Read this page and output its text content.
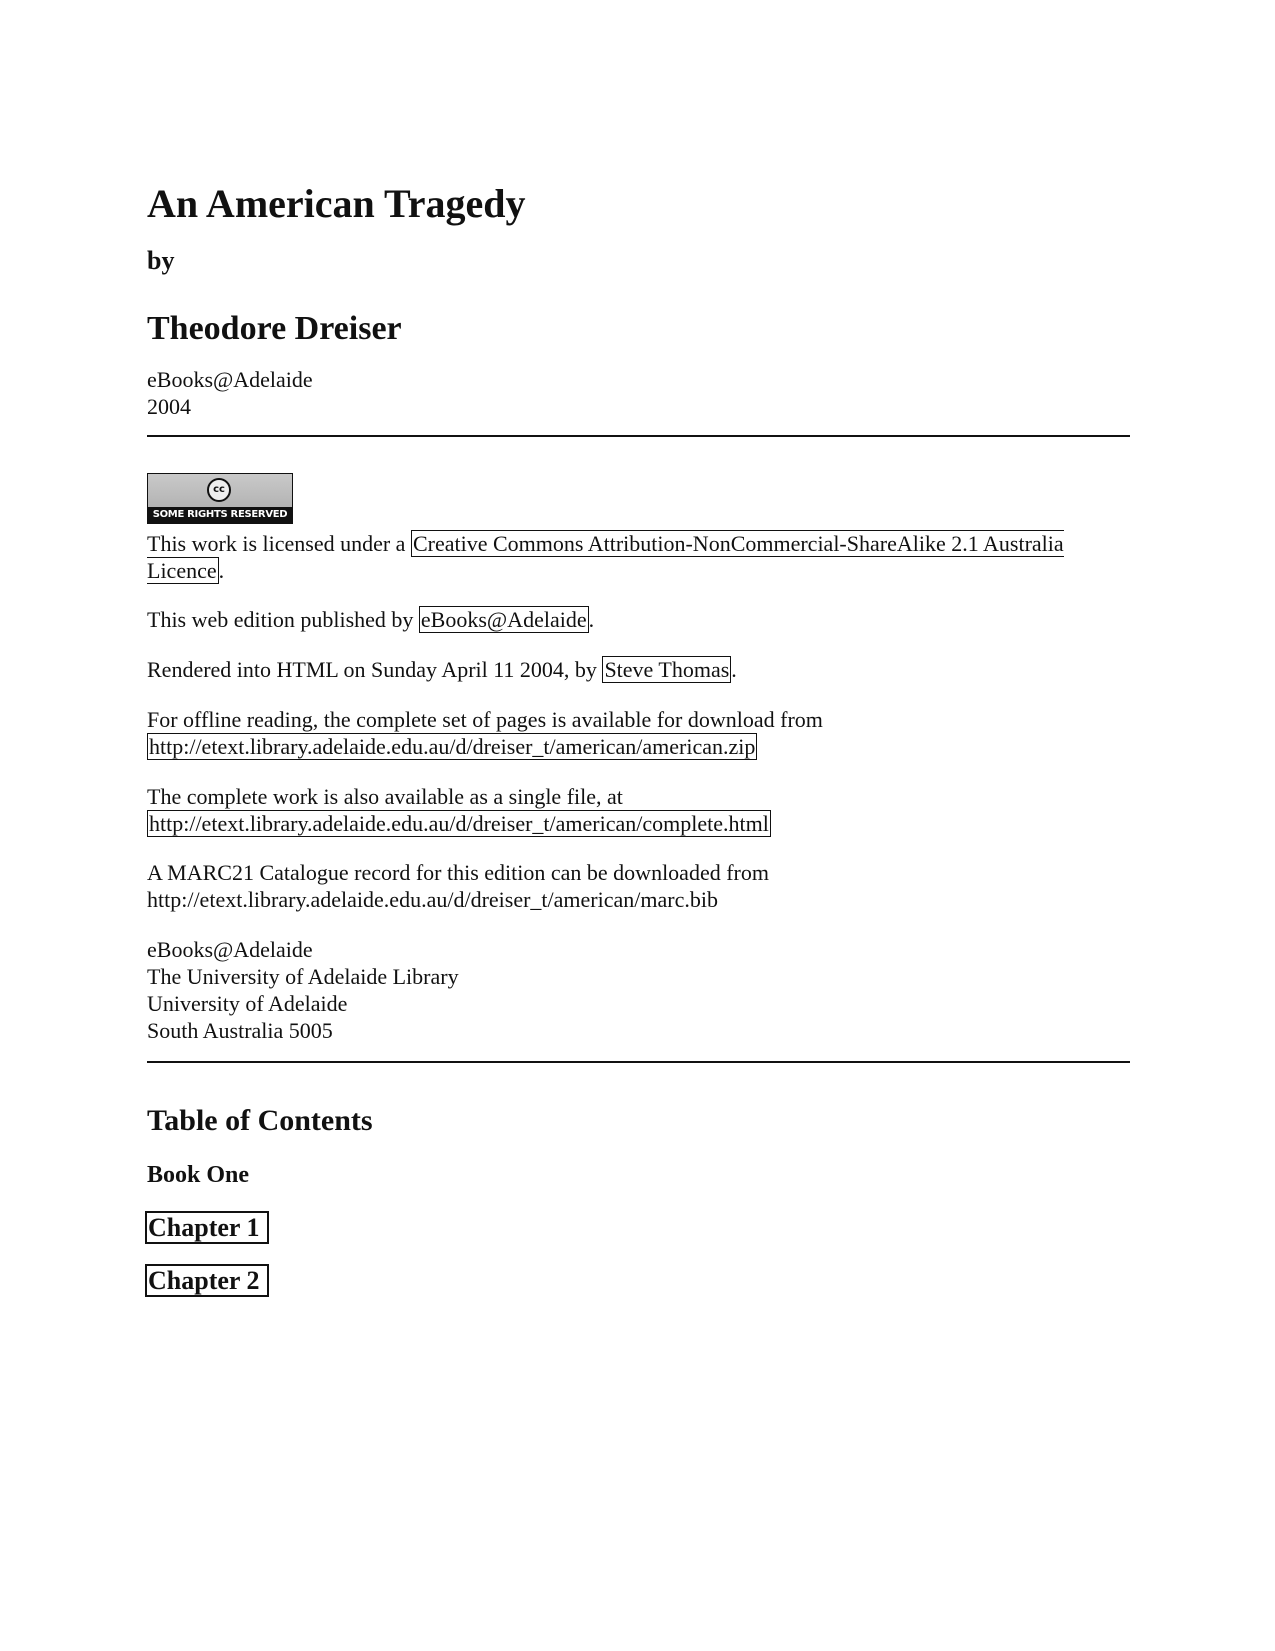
An American Tragedy
by
Theodore Dreiser
eBooks@Adelaide
2004
cc
SOME RIGHTS RESERVED
This work is licensed under a Creative Commons Attribution-NonCommercial-ShareAlike 2.1 Australia Licence.
This web edition published by eBooks@Adelaide.
Rendered into HTML on Sunday April 11 2004, by Steve Thomas.
For offline reading, the complete set of pages is available for download from
http://etext.library.adelaide.edu.au/d/dreiser_t/american/american.zip
The complete work is also available as a single file, at
http://etext.library.adelaide.edu.au/d/dreiser_t/american/complete.html
A MARC21 Catalogue record for this edition can be downloaded from
http://etext.library.adelaide.edu.au/d/dreiser_t/american/marc.bib
eBooks@Adelaide
The University of Adelaide Library
University of Adelaide
South Australia 5005
Table of Contents
Book One

Chapter 1

Chapter 2
